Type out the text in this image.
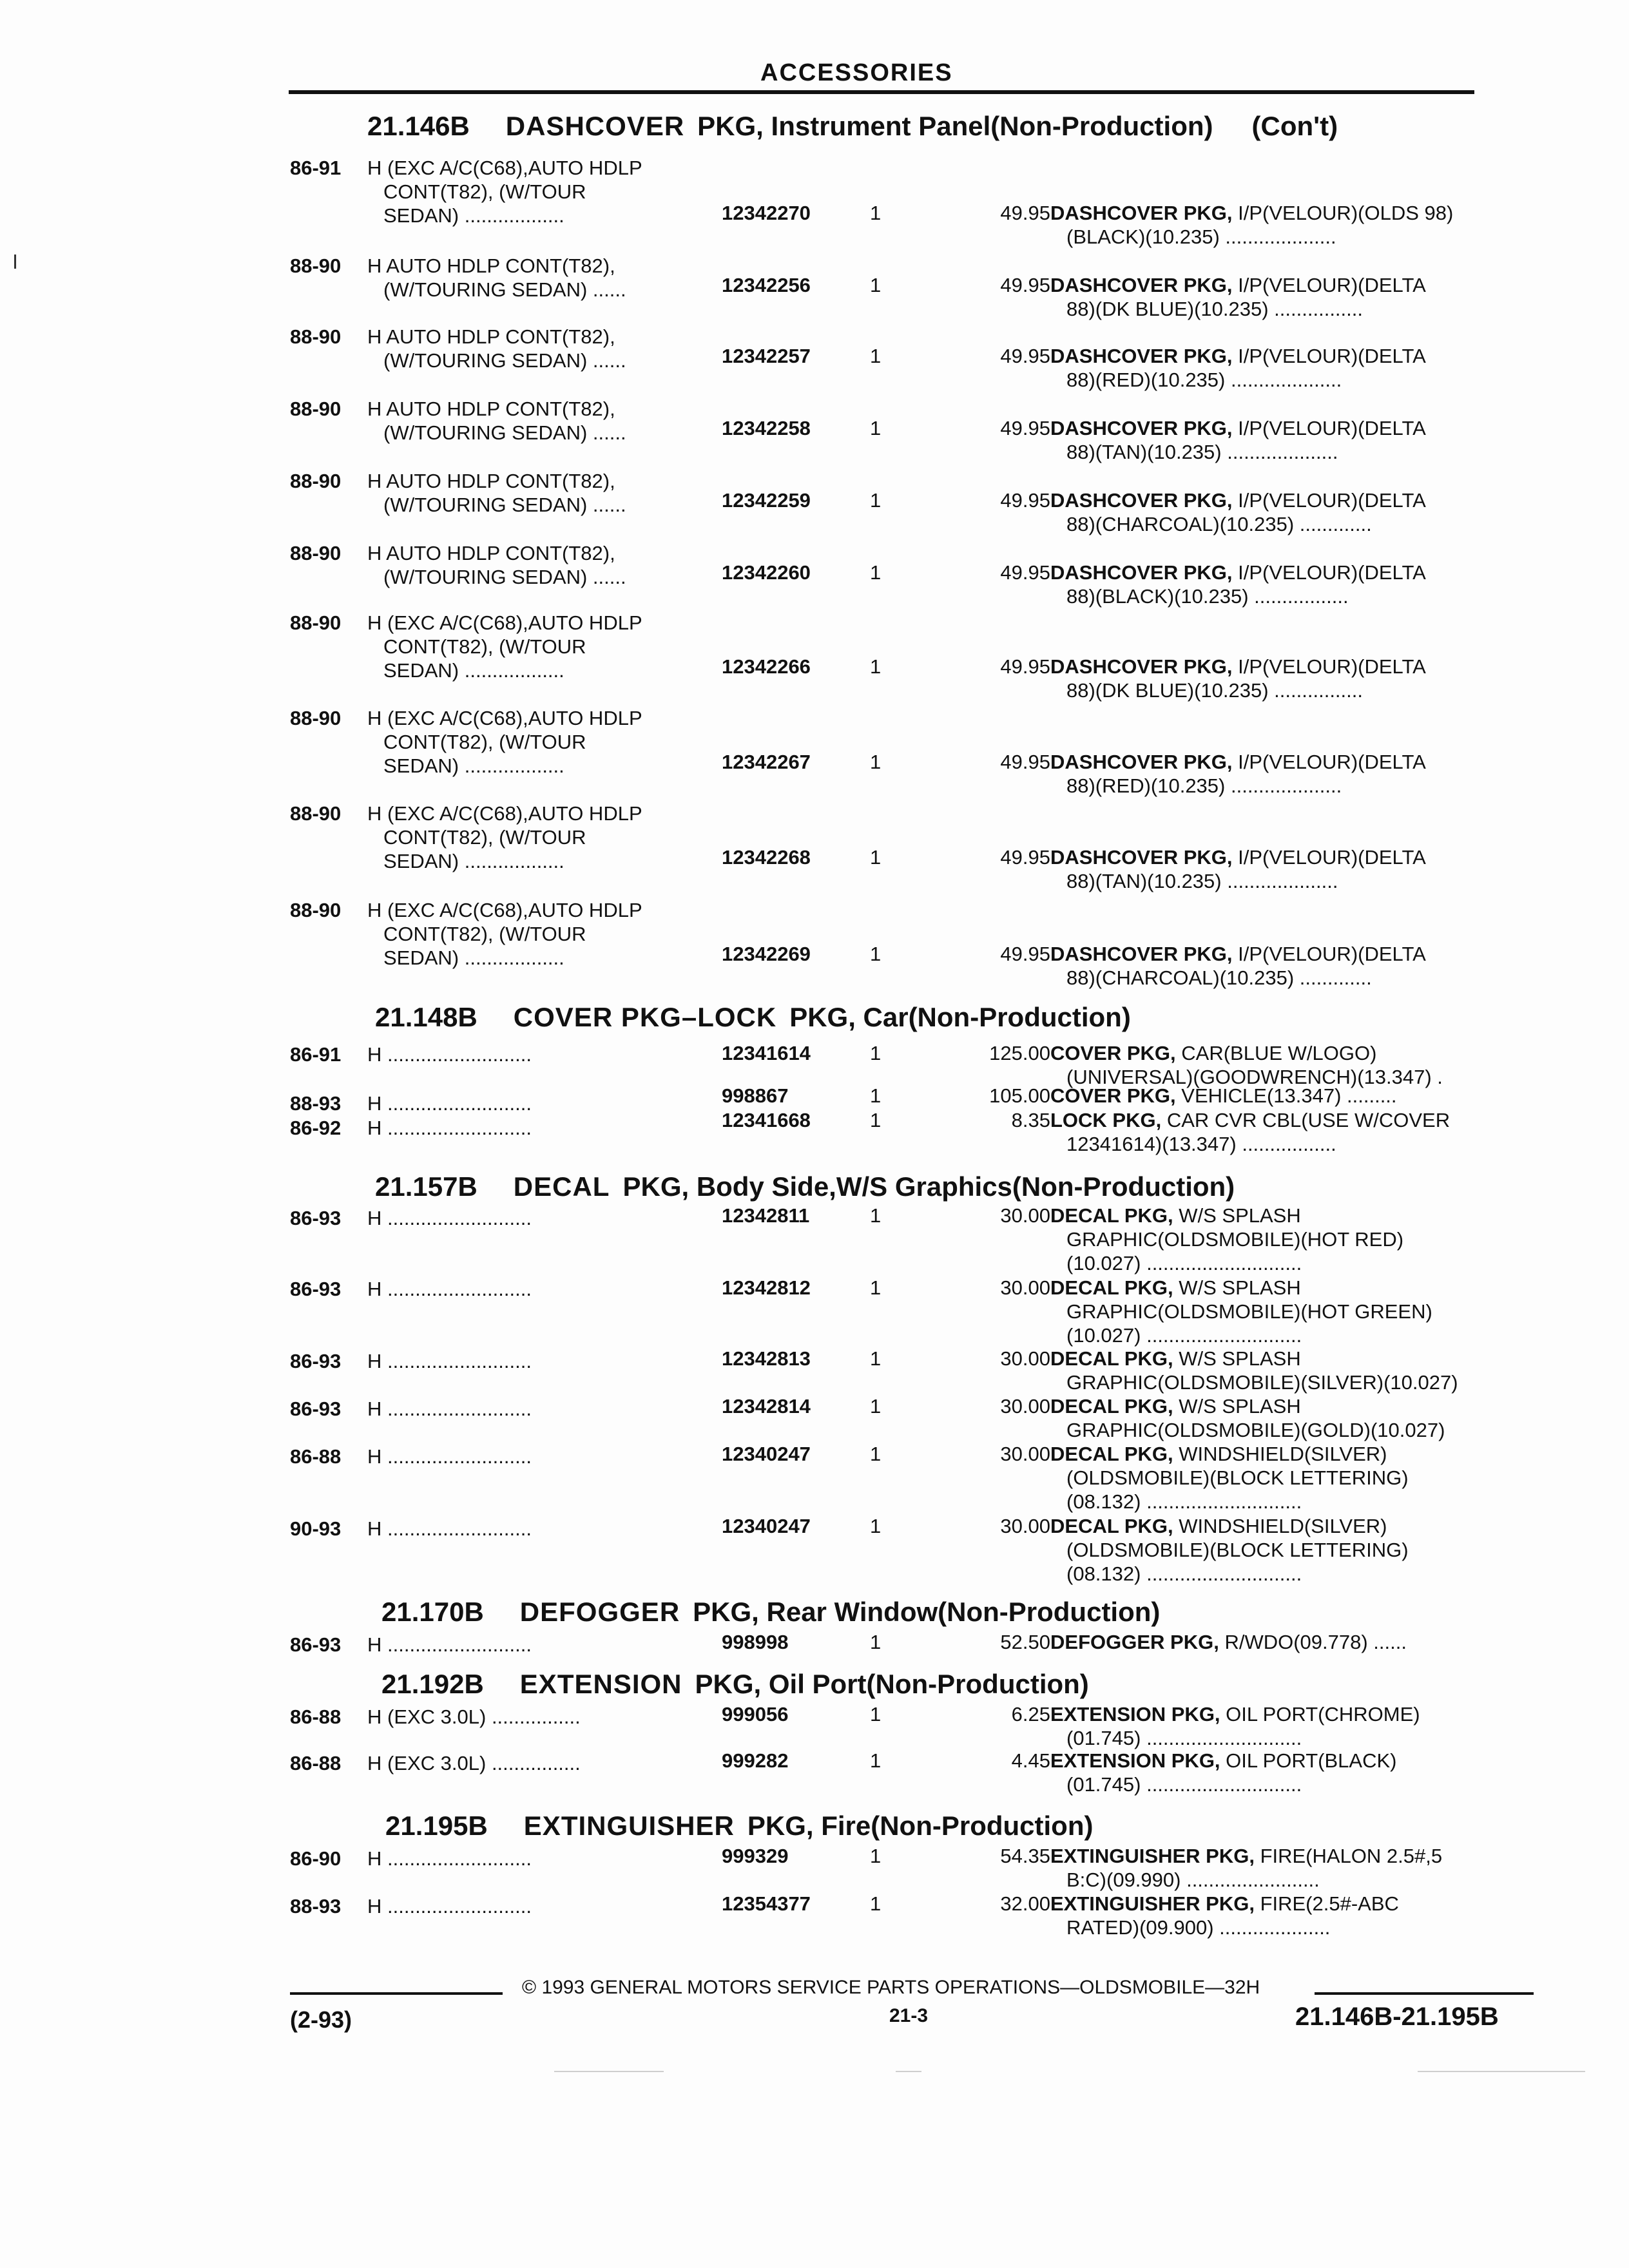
ACCESSORIES
21.146B DASHCOVER PKG, Instrument Panel(Non-Production) (Con't)
21.148B COVER PKG–LOCK PKG, Car(Non-Production)
21.157B DECAL PKG, Body Side,W/S Graphics(Non-Production)
21.170B DEFOGGER PKG, Rear Window(Non-Production)
21.192B EXTENSION PKG, Oil Port(Non-Production)
21.195B EXTINGUISHER PKG, Fire(Non-Production)
86-91 H (EXC A/C(C68),AUTO HDLP
CONT(T82), (W/TOUR
SEDAN) ..................	12342270	1	49.95 DASHCOVER PKG, I/P(VELOUR)(OLDS 98)
(BLACK)(10.235) ....................
88-90 H AUTO HDLP CONT(T82),
(W/TOURING SEDAN) ......	12342256	1	49.95 DASHCOVER PKG, I/P(VELOUR)(DELTA
88)(DK BLUE)(10.235) ................
88-90 H AUTO HDLP CONT(T82),
(W/TOURING SEDAN) ......	12342257	1	49.95 DASHCOVER PKG, I/P(VELOUR)(DELTA
88)(RED)(10.235) ....................
88-90 H AUTO HDLP CONT(T82),
(W/TOURING SEDAN) ......	12342258	1	49.95 DASHCOVER PKG, I/P(VELOUR)(DELTA
88)(TAN)(10.235) ....................
88-90 H AUTO HDLP CONT(T82),
(W/TOURING SEDAN) ......	12342259	1	49.95 DASHCOVER PKG, I/P(VELOUR)(DELTA
88)(CHARCOAL)(10.235) .............
88-90 H AUTO HDLP CONT(T82),
(W/TOURING SEDAN) ......	12342260	1	49.95 DASHCOVER PKG, I/P(VELOUR)(DELTA
88)(BLACK)(10.235) .................
88-90 H (EXC A/C(C68),AUTO HDLP
CONT(T82), (W/TOUR
SEDAN) ..................	12342266	1	49.95 DASHCOVER PKG, I/P(VELOUR)(DELTA
88)(DK BLUE)(10.235) ................
88-90 H (EXC A/C(C68),AUTO HDLP
CONT(T82), (W/TOUR
SEDAN) ..................	12342267	1	49.95 DASHCOVER PKG, I/P(VELOUR)(DELTA
88)(RED)(10.235) ....................
88-90 H (EXC A/C(C68),AUTO HDLP
CONT(T82), (W/TOUR
SEDAN) ..................	12342268	1	49.95 DASHCOVER PKG, I/P(VELOUR)(DELTA
88)(TAN)(10.235) ....................
88-90 H (EXC A/C(C68),AUTO HDLP
CONT(T82), (W/TOUR
SEDAN) ..................	12342269	1	49.95 DASHCOVER PKG, I/P(VELOUR)(DELTA
88)(CHARCOAL)(10.235) .............
86-91 H ..........................	12341614	1	125.00 COVER PKG, CAR(BLUE W/LOGO)
(UNIVERSAL)(GOODWRENCH)(13.347) .
88-93 H ..........................	998867	1	105.00 COVER PKG, VEHICLE(13.347) .........
86-92 H ..........................	12341668	1	8.35 LOCK PKG, CAR CVR CBL(USE W/COVER
12341614)(13.347) .................
86-93 H ..........................	12342811	1	30.00 DECAL PKG, W/S SPLASH
GRAPHIC(OLDSMOBILE)(HOT RED)
(10.027) ............................
86-93 H ..........................	12342812	1	30.00 DECAL PKG, W/S SPLASH
GRAPHIC(OLDSMOBILE)(HOT GREEN)
(10.027) ............................
86-93 H ..........................	12342813	1	30.00 DECAL PKG, W/S SPLASH
GRAPHIC(OLDSMOBILE)(SILVER)(10.027)
86-93 H ..........................	12342814	1	30.00 DECAL PKG, W/S SPLASH
GRAPHIC(OLDSMOBILE)(GOLD)(10.027)
86-88 H ..........................	12340247	1	30.00 DECAL PKG, WINDSHIELD(SILVER)
(OLDSMOBILE)(BLOCK LETTERING)
(08.132) ............................
90-93 H ..........................	12340247	1	30.00 DECAL PKG, WINDSHIELD(SILVER)
(OLDSMOBILE)(BLOCK LETTERING)
(08.132) ............................
86-93 H ..........................	998998	1	52.50 DEFOGGER PKG, R/WDO(09.778) ......
86-88 H (EXC 3.0L) ................	999056	1	6.25 EXTENSION PKG, OIL PORT(CHROME)
(01.745) ............................
86-88 H (EXC 3.0L) ................	999282	1	4.45 EXTENSION PKG, OIL PORT(BLACK)
(01.745) ............................
86-90 H ..........................	999329	1	54.35 EXTINGUISHER PKG, FIRE(HALON 2.5#,5
B:C)(09.990) ........................
88-93 H ..........................	12354377	1	32.00 EXTINGUISHER PKG, FIRE(2.5#-ABC
RATED)(09.900) ....................
© 1993 GENERAL MOTORS SERVICE PARTS OPERATIONS—OLDSMOBILE—32H
(2-93)	21-3	21.146B-21.195B
